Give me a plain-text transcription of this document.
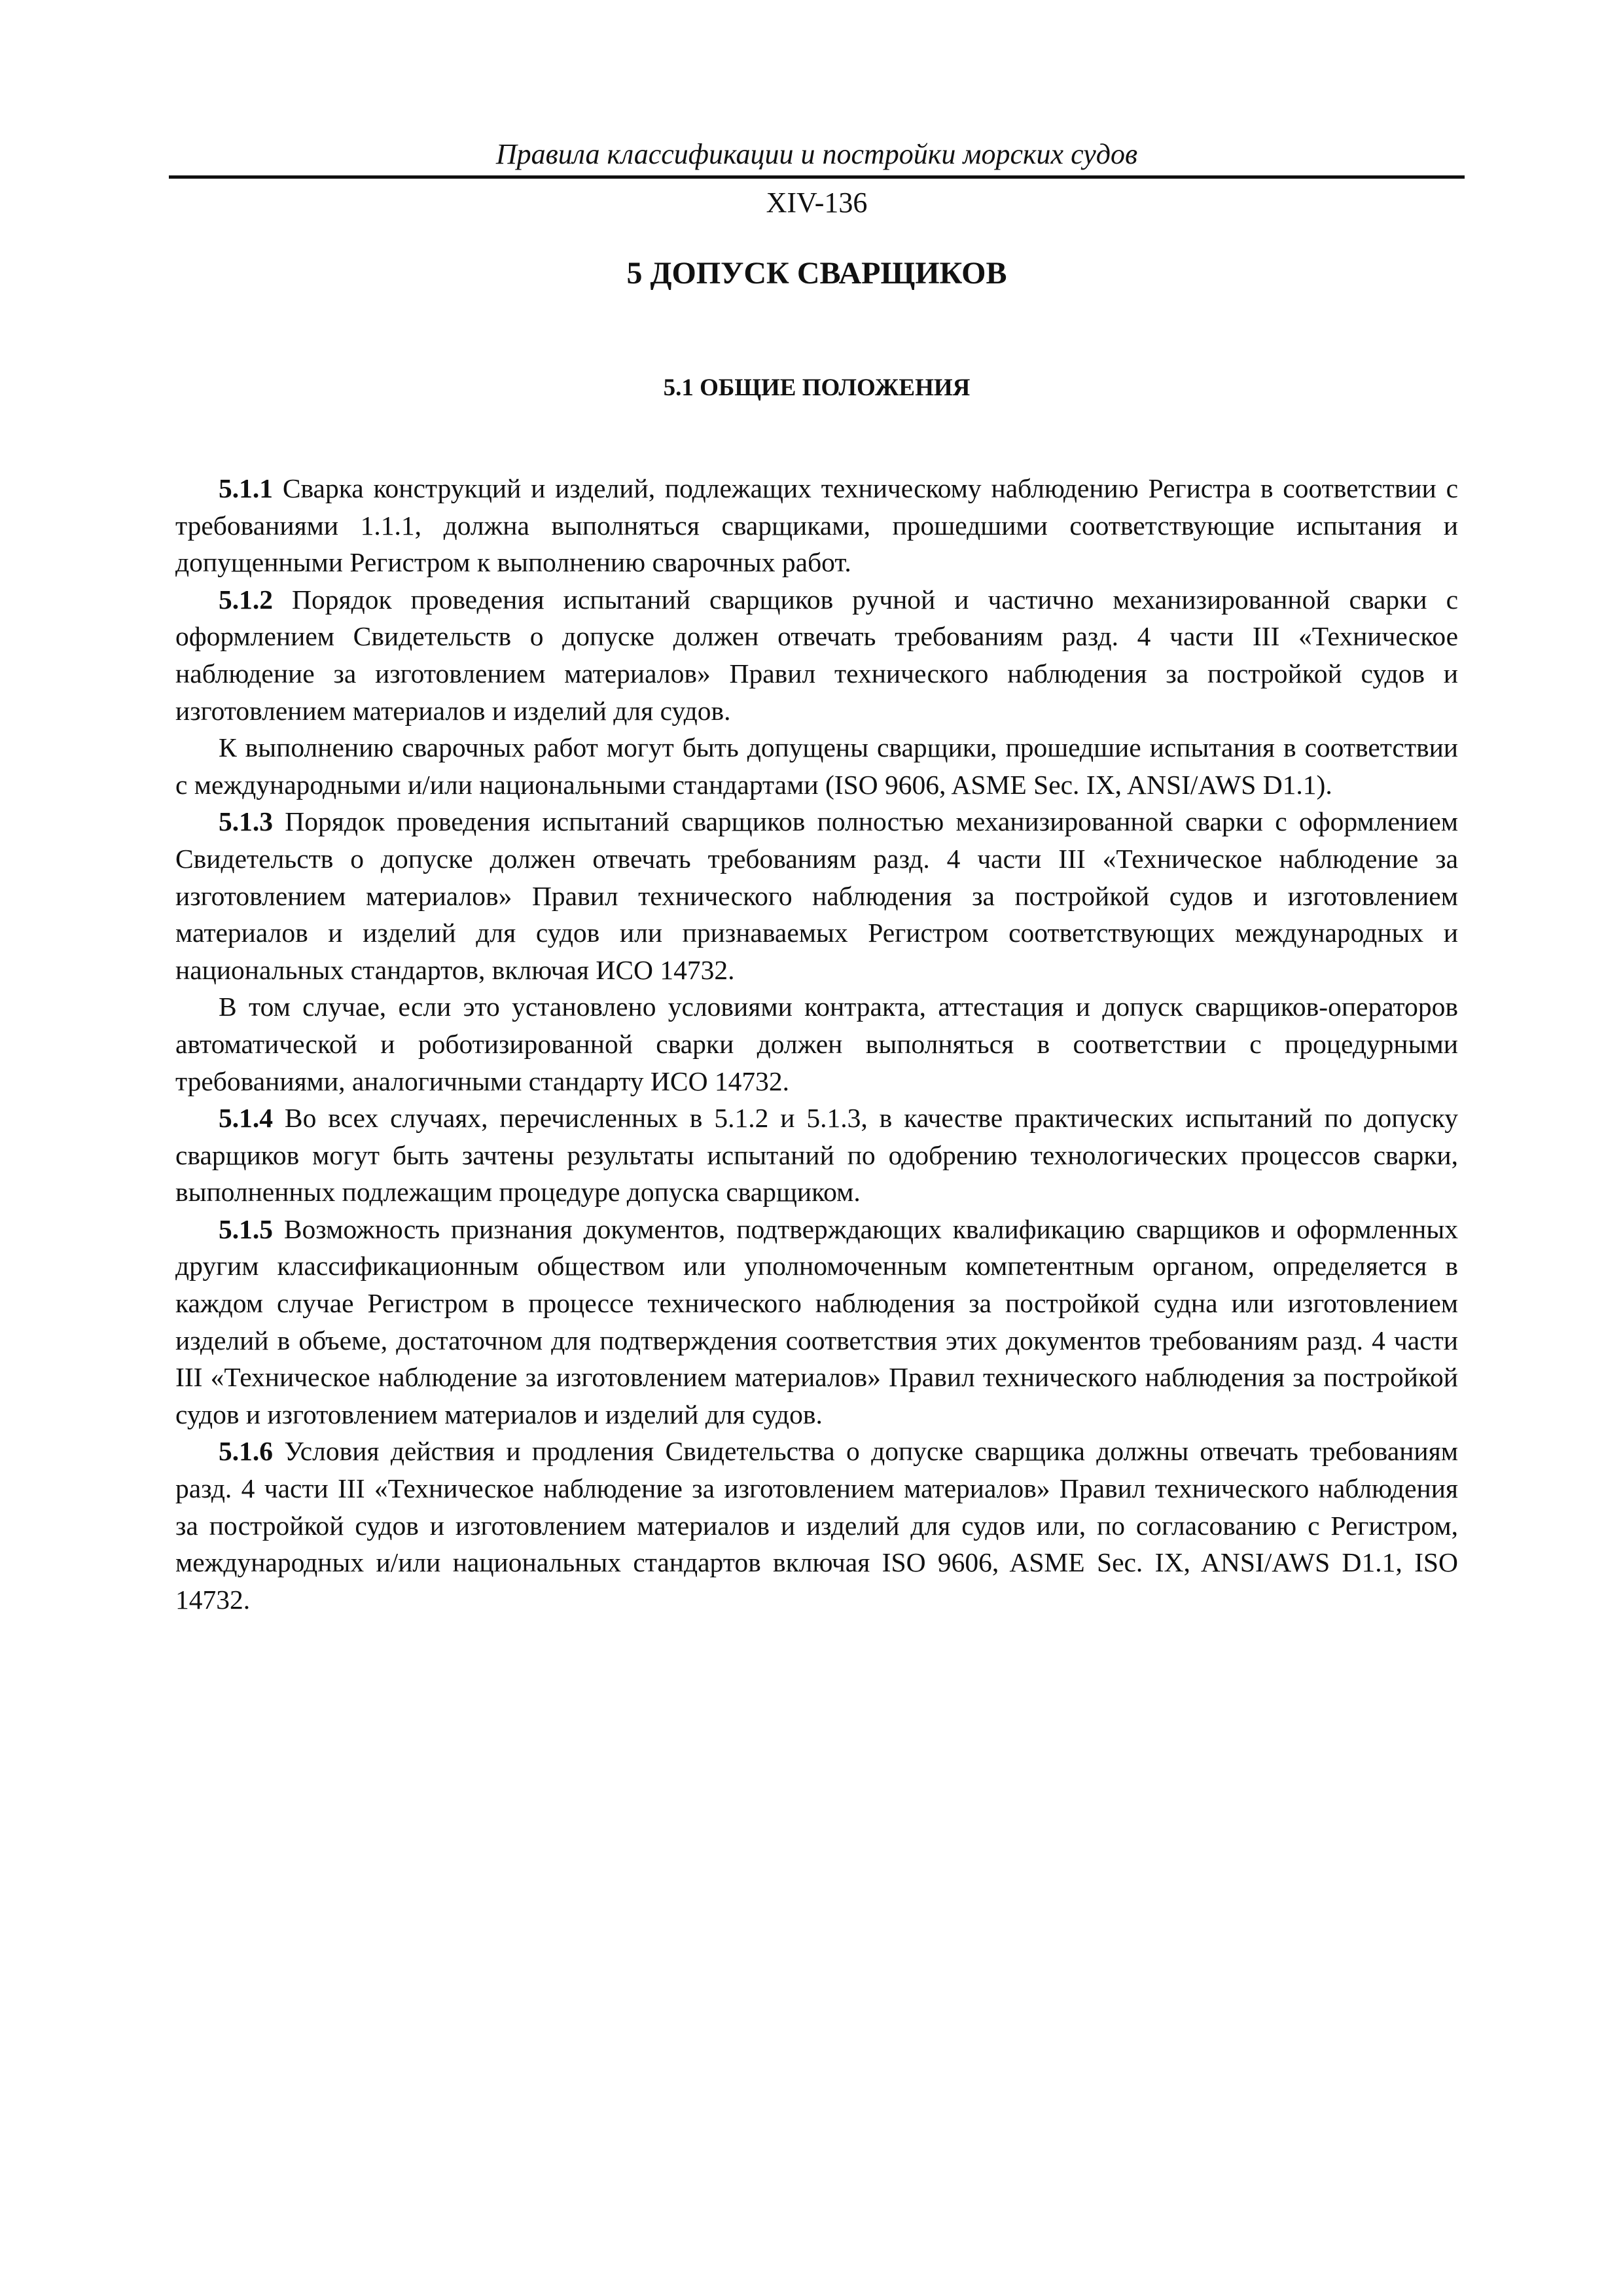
Правила классификации и постройки морских судов
XIV-136
5 ДОПУСК СВАРЩИКОВ
5.1 ОБЩИЕ ПОЛОЖЕНИЯ

5.1.1 Сварка конструкций и изделий, подлежащих техническому наблюдению Регистра в соответствии с требованиями 1.1.1, должна выполняться сварщиками, прошедшими соответствующие испытания и допущенными Регистром к выполнению сварочных работ.

5.1.2 Порядок проведения испытаний сварщиков ручной и частично механизированной сварки с оформлением Свидетельств о допуске должен отвечать требованиям разд. 4 части III «Техническое наблюдение за изготовлением материалов» Правил технического наблюдения за постройкой судов и изготовлением материалов и изделий для судов.

К выполнению сварочных работ могут быть допущены сварщики, прошедшие испытания в соответствии с международными и/или национальными стандартами (ISO 9606, ASME Sec. IX, ANSI/AWS D1.1).

5.1.3 Порядок проведения испытаний сварщиков полностью механизированной сварки с оформлением Свидетельств о допуске должен отвечать требованиям разд. 4 части III «Техническое наблюдение за изготовлением материалов» Правил технического наблюдения за постройкой судов и изготовлением материалов и изделий для судов или признаваемых Регистром соответствующих международных и национальных стандартов, включая ИСО 14732.

В том случае, если это установлено условиями контракта, аттестация и допуск сварщиков-операторов автоматической и роботизированной сварки должен выполняться в соответствии с процедурными требованиями, аналогичными стандарту ИСО 14732.

5.1.4 Во всех случаях, перечисленных в 5.1.2 и 5.1.3, в качестве практических испытаний по допуску сварщиков могут быть зачтены результаты испытаний по одобрению технологических процессов сварки, выполненных подлежащим процедуре допуска сварщиком.

5.1.5 Возможность признания документов, подтверждающих квалификацию сварщиков и оформленных другим классификационным обществом или уполномоченным компетентным органом, определяется в каждом случае Регистром в процессе технического наблюдения за постройкой судна или изготовлением изделий в объеме, достаточном для подтверждения соответствия этих документов требованиям разд. 4 части III «Техническое наблюдение за изготовлением материалов» Правил технического наблюдения за постройкой судов и изготовлением материалов и изделий для судов.

5.1.6 Условия действия и продления Свидетельства о допуске сварщика должны отвечать требованиям разд. 4 части III «Техническое наблюдение за изготовлением материалов» Правил технического наблюдения за постройкой судов и изготовлением материалов и изделий для судов или, по согласованию с Регистром, международных и/или национальных стандартов включая ISO 9606, ASME Sec. IX, ANSI/AWS D1.1, ISO 14732.
